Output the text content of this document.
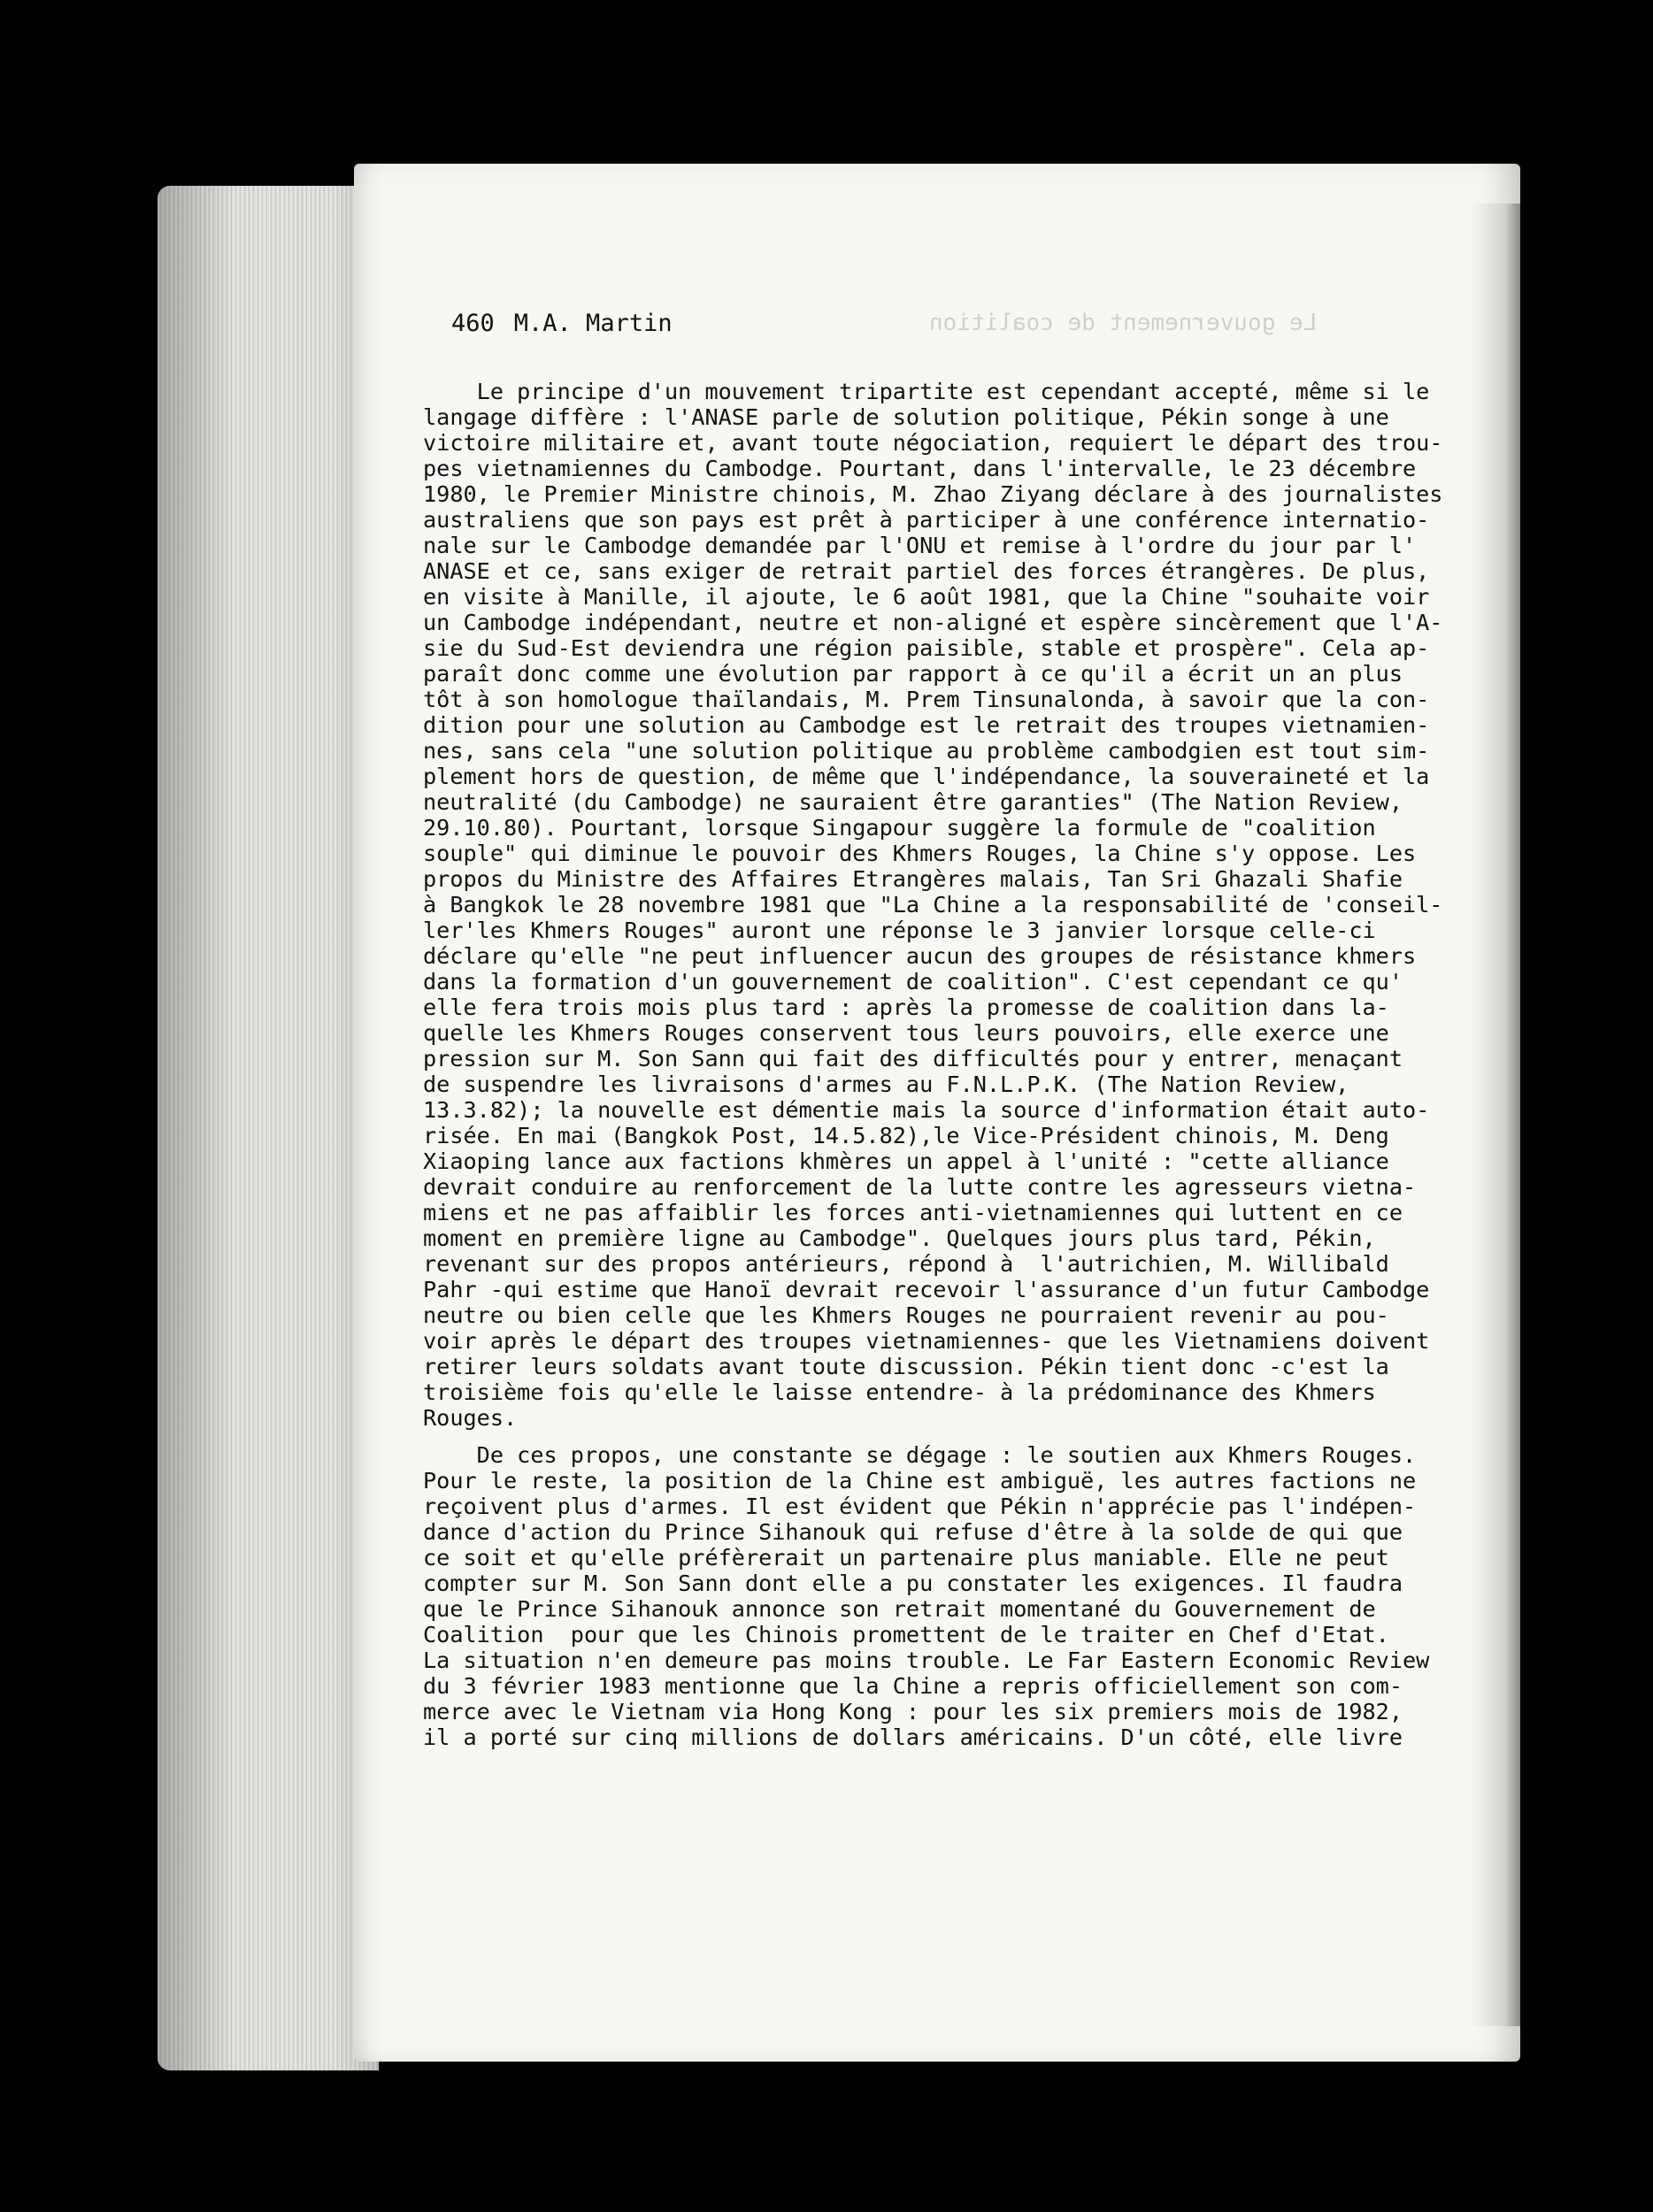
Le gouvernement de coalition
460 M.A. Martin
Le principe d'un mouvement tripartite est cependant accepté, même si le
langage diffère : l'ANASE parle de solution politique, Pékin songe à une
victoire militaire et, avant toute négociation, requiert le départ des trou-
pes vietnamiennes du Cambodge. Pourtant, dans l'intervalle, le 23 décembre
1980, le Premier Ministre chinois, M. Zhao Ziyang déclare à des journalistes
australiens que son pays est prêt à participer à une conférence internatio-
nale sur le Cambodge demandée par l'ONU et remise à l'ordre du jour par l'
ANASE et ce, sans exiger de retrait partiel des forces étrangères. De plus,
en visite à Manille, il ajoute, le 6 août 1981, que la Chine "souhaite voir
un Cambodge indépendant, neutre et non-aligné et espère sincèrement que l'A-
sie du Sud-Est deviendra une région paisible, stable et prospère". Cela ap-
paraît donc comme une évolution par rapport à ce qu'il a écrit un an plus
tôt à son homologue thaïlandais, M. Prem Tinsunalonda, à savoir que la con-
dition pour une solution au Cambodge est le retrait des troupes vietnamien-
nes, sans cela "une solution politique au problème cambodgien est tout sim-
plement hors de question, de même que l'indépendance, la souveraineté et la
neutralité (du Cambodge) ne sauraient être garanties" (The Nation Review,
29.10.80). Pourtant, lorsque Singapour suggère la formule de "coalition
souple" qui diminue le pouvoir des Khmers Rouges, la Chine s'y oppose. Les
propos du Ministre des Affaires Etrangères malais, Tan Sri Ghazali Shafie
à Bangkok le 28 novembre 1981 que "La Chine a la responsabilité de 'conseil-
ler'les Khmers Rouges" auront une réponse le 3 janvier lorsque celle-ci
déclare qu'elle "ne peut influencer aucun des groupes de résistance khmers
dans la formation d'un gouvernement de coalition". C'est cependant ce qu'
elle fera trois mois plus tard : après la promesse de coalition dans la-
quelle les Khmers Rouges conservent tous leurs pouvoirs, elle exerce une
pression sur M. Son Sann qui fait des difficultés pour y entrer, menaçant
de suspendre les livraisons d'armes au F.N.L.P.K. (The Nation Review,
13.3.82); la nouvelle est démentie mais la source d'information était auto-
risée. En mai (Bangkok Post, 14.5.82),le Vice-Président chinois, M. Deng
Xiaoping lance aux factions khmères un appel à l'unité : "cette alliance
devrait conduire au renforcement de la lutte contre les agresseurs vietna-
miens et ne pas affaiblir les forces anti-vietnamiennes qui luttent en ce
moment en première ligne au Cambodge". Quelques jours plus tard, Pékin,
revenant sur des propos antérieurs, répond à  l'autrichien, M. Willibald
Pahr -qui estime que Hanoï devrait recevoir l'assurance d'un futur Cambodge
neutre ou bien celle que les Khmers Rouges ne pourraient revenir au pou-
voir après le départ des troupes vietnamiennes- que les Vietnamiens doivent
retirer leurs soldats avant toute discussion. Pékin tient donc -c'est la
troisième fois qu'elle le laisse entendre- à la prédominance des Khmers
Rouges.
De ces propos, une constante se dégage : le soutien aux Khmers Rouges.
Pour le reste, la position de la Chine est ambiguë, les autres factions ne
reçoivent plus d'armes. Il est évident que Pékin n'apprécie pas l'indépen-
dance d'action du Prince Sihanouk qui refuse d'être à la solde de qui que
ce soit et qu'elle préfèrerait un partenaire plus maniable. Elle ne peut
compter sur M. Son Sann dont elle a pu constater les exigences. Il faudra
que le Prince Sihanouk annonce son retrait momentané du Gouvernement de
Coalition  pour que les Chinois promettent de le traiter en Chef d'Etat.
La situation n'en demeure pas moins trouble. Le Far Eastern Economic Review
du 3 février 1983 mentionne que la Chine a repris officiellement son com-
merce avec le Vietnam via Hong Kong : pour les six premiers mois de 1982,
il a porté sur cinq millions de dollars américains. D'un côté, elle livre
